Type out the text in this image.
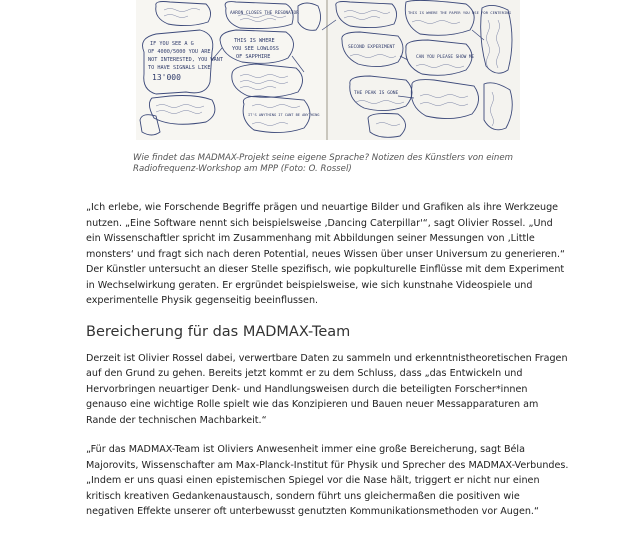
IF YOU SEE A G
OF 4000/5000 YOU ARE
NOT INTERESTED, YOU WANT
TO HAVE SIGNALS LIKE
13'000
THIS IS WHERE
YOU SEE LOWLOSS
OF SAPPHIRE
AARON CLOSES THE RESONATOR	THIS IS WHERE THE PAPER YOU USE FOR CENTERING
SECOND EXPERIMENT
CAN YOU PLEASE SHOW ME
IT'S ANYTHING IT CANT BE ANYTHING
THE PEAK IS GONE

Wie findet das MADMAX-Projekt seine eigene Sprache? Notizen des Künstlers von einem Radiofrequenz-Workshop am MPP (Foto: O. Rossel)

„Ich erlebe, wie Forschende Begriffe prägen und neuartige Bilder und Grafiken als ihre Werkzeuge nutzen. „Eine Software nennt sich beispielsweise ‚Dancing Caterpillar'“, sagt Olivier Rossel. „Und ein Wissenschaftler spricht im Zusammenhang mit Abbildungen seiner Messungen von ‚Little monsters‘ und fragt sich nach deren Potential, neues Wissen über unser Universum zu generieren.“ Der Künstler untersucht an dieser Stelle spezifisch, wie popkulturelle Einflüsse mit dem Experiment in Wechselwirkung geraten. Er ergründet beispielsweise, wie sich kunstnahe Videospiele und experimentelle Physik gegenseitig beeinflussen.

Bereicherung für das MADMAX-Team

Derzeit ist Olivier Rossel dabei, verwertbare Daten zu sammeln und erkenntnistheoretischen Fragen auf den Grund zu gehen. Bereits jetzt kommt er zu dem Schluss, dass „das Entwickeln und Hervorbringen neuartiger Denk- und Handlungsweisen durch die beteiligten Forscher*innen genauso eine wichtige Rolle spielt wie das Konzipieren und Bauen neuer Messapparaturen am Rande der technischen Machbarkeit.“

„Für das MADMAX-Team ist Oliviers Anwesenheit immer eine große Bereicherung, sagt Béla Majorovits, Wissenschafter am Max-Planck-Institut für Physik und Sprecher des MADMAX-Verbundes. „Indem er uns quasi einen epistemischen Spiegel vor die Nase hält, triggert er nicht nur einen kritisch kreativen Gedankenaustausch, sondern führt uns gleichermaßen die positiven wie negativen Effekte unserer oft unterbewusst genutzten Kommunikationsmethoden vor Augen.“
